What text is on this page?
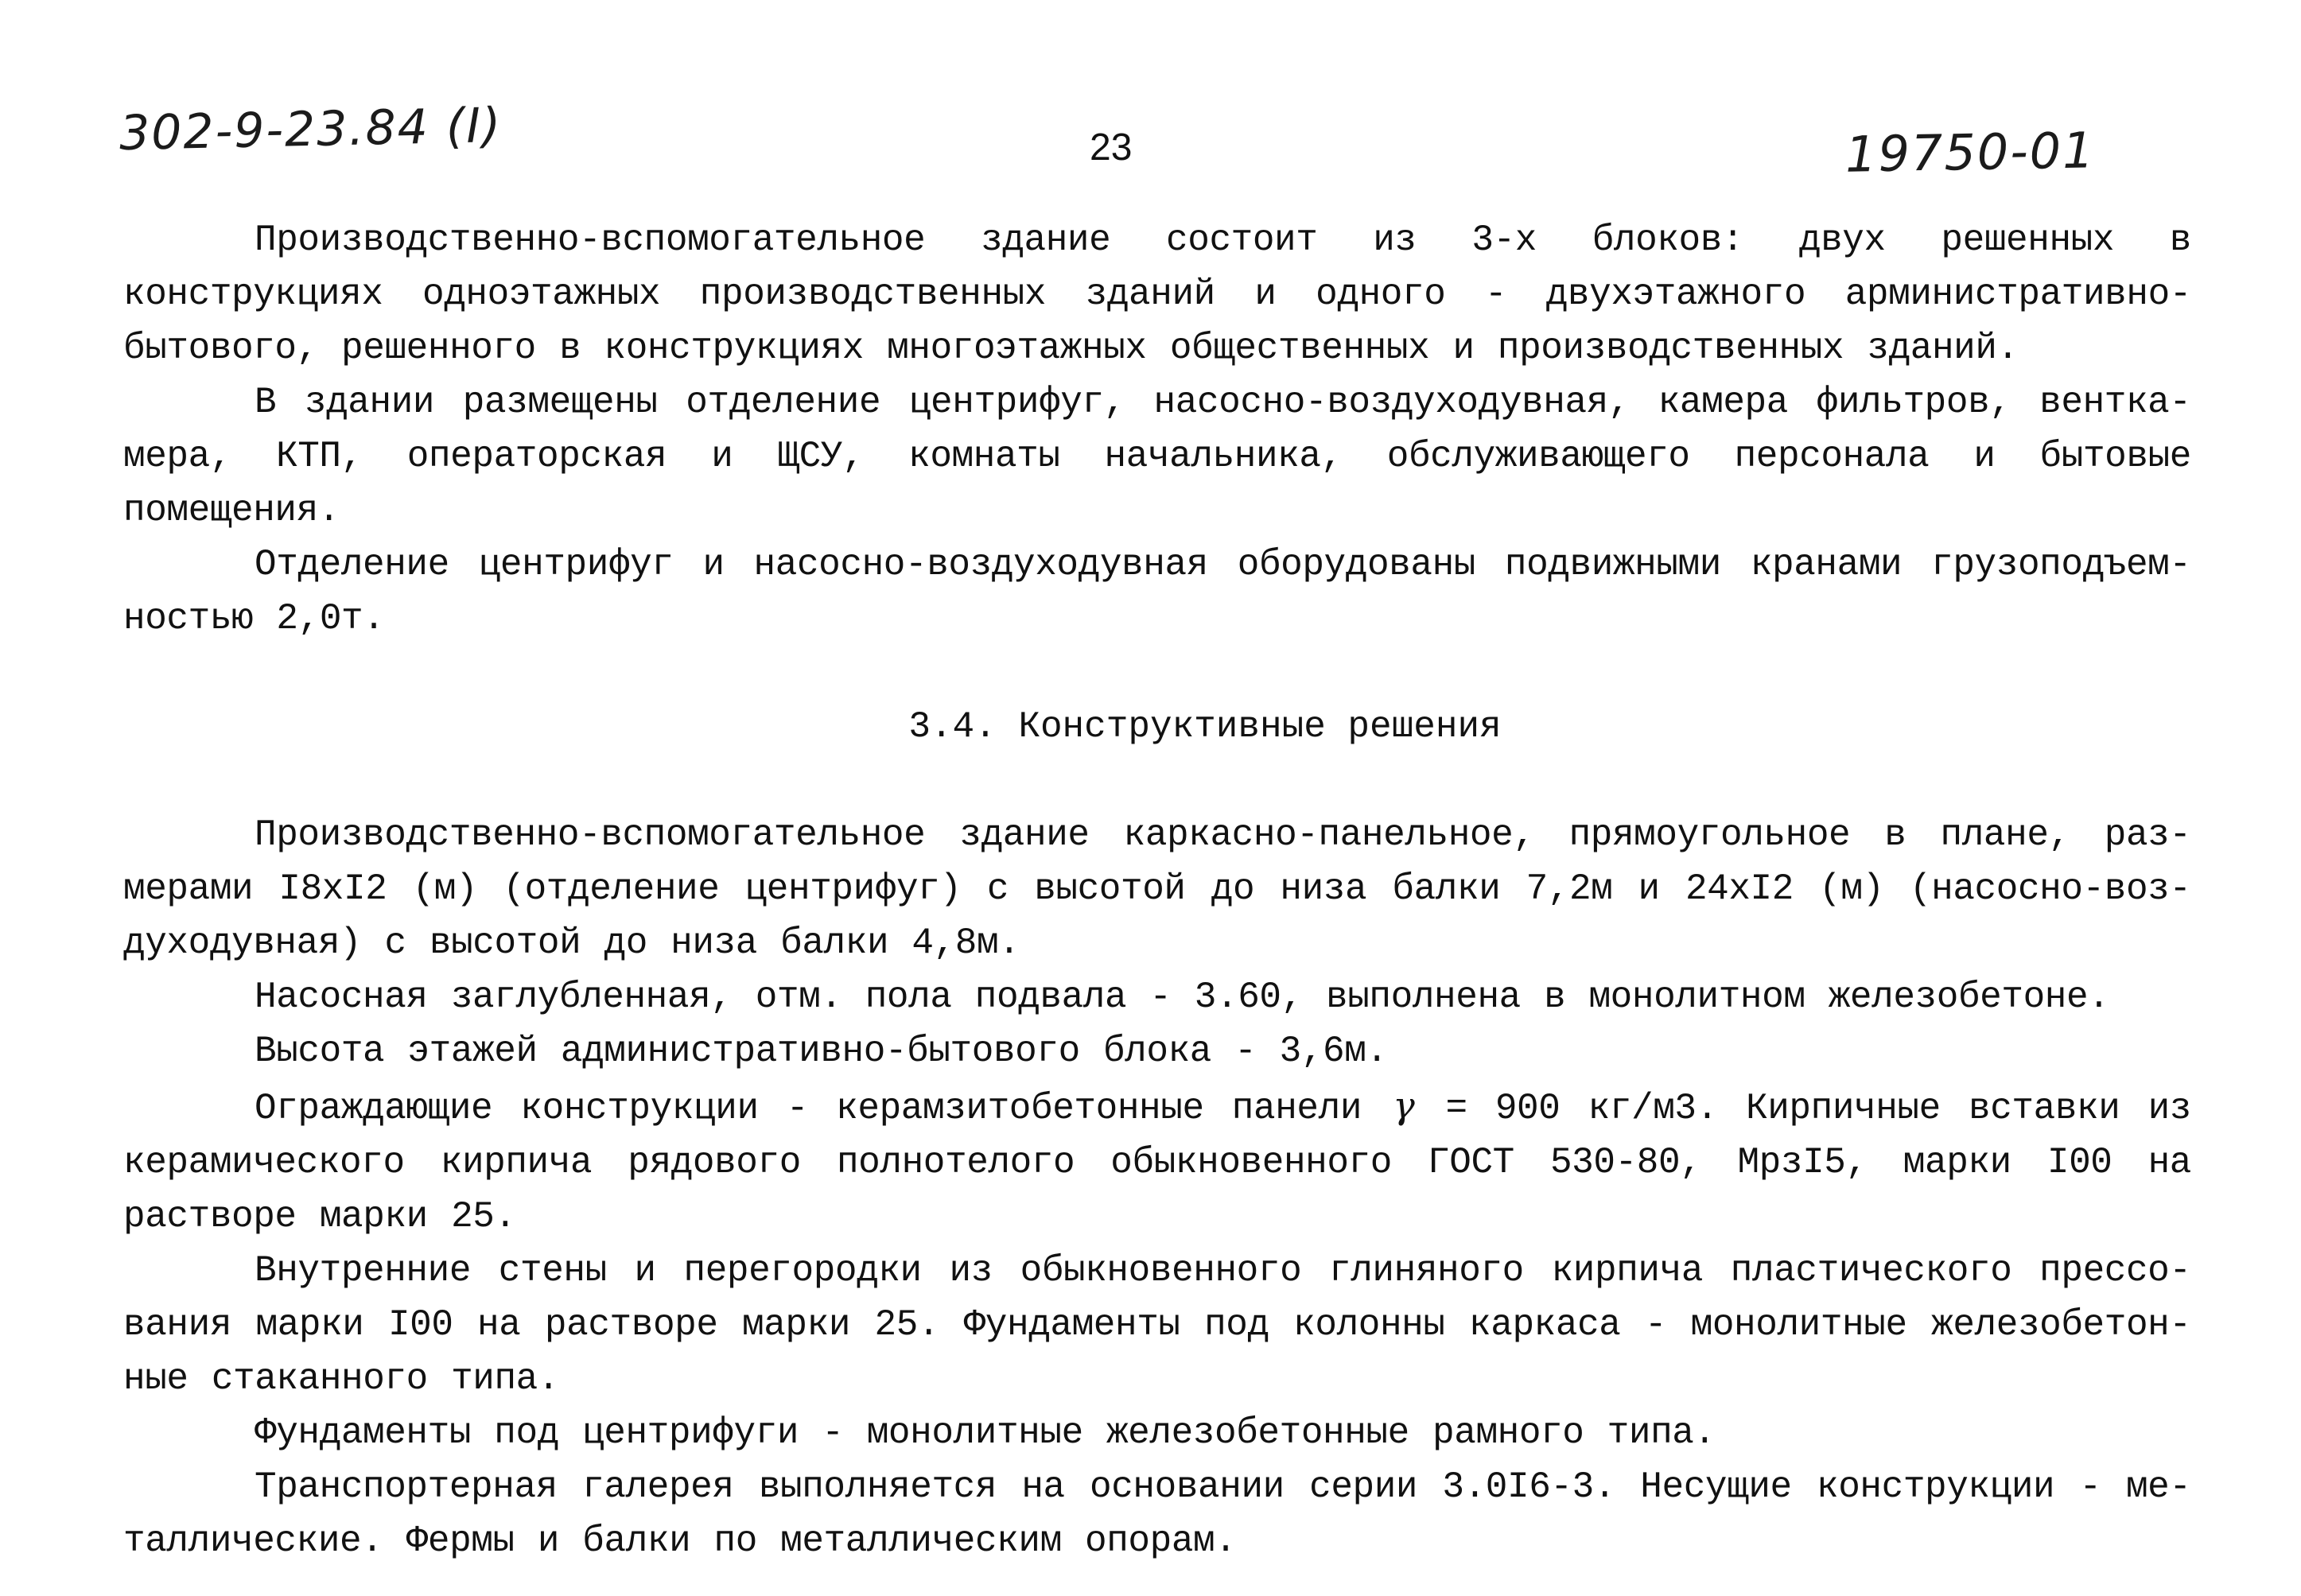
302-9-23.84 (I)	23	19750-01

Производственно-вспомогательное здание состоит из 3-х блоков: двух решенных в конструкциях одноэтажных производственных зданий и одного - двухэтажного арминистративно-бытового, решенного в конструкциях многоэтажных общественных и производственных зданий.

В здании размещены отделение центрифуг, насосно-воздуходувная, камера фильтров, венткамера, КТП, операторская и ЩСУ, комнаты начальника, обслуживающего персонала и бытовые помещения.

Отделение центрифуг и насосно-воздуходувная оборудованы подвижными кранами грузоподъемностью 2,0т.

3.4. Конструктивные решения

Производственно-вспомогательное здание каркасно-панельное, прямоугольное в плане, размерами I8xI2 (м) (отделение центрифуг) с высотой до низа балки 7,2м и 24xI2 (м) (насосно-воздуходувная) с высотой до низа балки 4,8м.

Насосная заглубленная, отм. пола подвала - 3.60, выполнена в монолитном железобетоне.

Высота этажей административно-бытового блока - 3,6м.

Ограждающие конструкции - керамзитобетонные панели γ = 900 кг/м3. Кирпичные вставки из керамического кирпича рядового полнотелого обыкновенного ГОСТ 530-80, МрзI5, марки I00 на растворе марки 25.

Внутренние стены и перегородки из обыкновенного глиняного кирпича пластического прессования марки I00 на растворе марки 25. Фундаменты под колонны каркаса - монолитные железобетонные стаканного типа.

Фундаменты под центрифуги - монолитные железобетонные рамного типа.

Транспортерная галерея выполняется на основании серии 3.0I6-3. Несущие конструкции - металлические. Фермы и балки по металлическим опорам.
